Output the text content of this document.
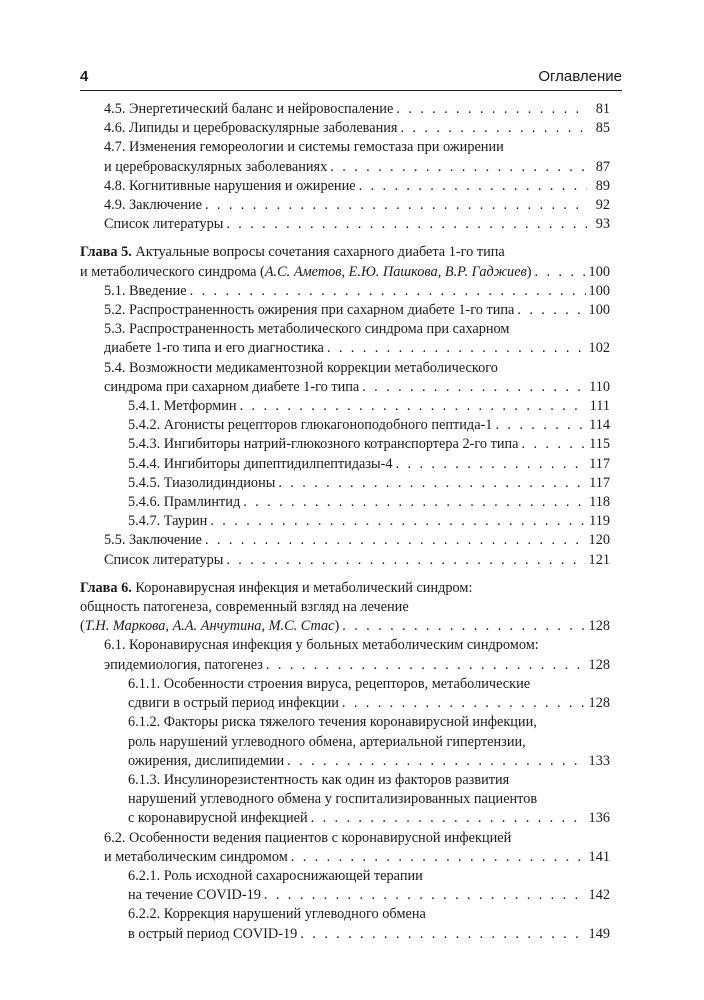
4	Оглавление
4.5. Энергетический баланс и нейровоспаление . . .	81
4.6. Липиды и цереброваскулярные заболевания . . .	85
4.7. Изменения гемореологии и системы гемостаза при ожирении
и цереброваскулярных заболеваниях . . .	87
4.8. Когнитивные нарушения и ожирение . . .	89
4.9. Заключение . . .	92
Список литературы . . .	93
Глава 5. Актуальные вопросы сочетания сахарного диабета 1-го типа
и метаболического синдрома (А.С. Аметов, Е.Ю. Пашкова, В.Р. Гаджиев) . . .	100
5.1. Введение . . .	100
5.2. Распространенность ожирения при сахарном диабете 1-го типа . . .	100
5.3. Распространенность метаболического синдрома при сахарном
диабете 1-го типа и его диагностика . . .	102
5.4. Возможности медикаментозной коррекции метаболического
синдрома при сахарном диабете 1-го типа . . .	110
5.4.1. Метформин . . .	111
5.4.2. Агонисты рецепторов глюкагоноподобного пептида-1 . . .	114
5.4.3. Ингибиторы натрий-глюкозного котранспортера 2-го типа . . .	115
5.4.4. Ингибиторы дипептидилпептидазы-4 . . .	117
5.4.5. Тиазолидиндионы . . .	117
5.4.6. Прамлинтид . . .	118
5.4.7. Таурин . . .	119
5.5. Заключение . . .	120
Список литературы . . .	121
Глава 6. Коронавирусная инфекция и метаболический синдром:
общность патогенеза, современный взгляд на лечение
(Т.Н. Маркова, А.А. Анчутина, М.С. Стас) . . .	128
6.1. Коронавирусная инфекция у больных метаболическим синдромом:
эпидемиология, патогенез . . .	128
6.1.1. Особенности строения вируса, рецепторов, метаболические
сдвиги в острый период инфекции . . .	128
6.1.2. Факторы риска тяжелого течения коронавирусной инфекции,
роль нарушений углеводного обмена, артериальной гипертензии,
ожирения, дислипидемии . . .	133
6.1.3. Инсулинорезистентность как один из факторов развития
нарушений углеводного обмена у госпитализированных пациентов
с коронавирусной инфекцией . . .	136
6.2. Особенности ведения пациентов с коронавирусной инфекцией
и метаболическим синдромом . . .	141
6.2.1. Роль исходной сахароснижающей терапии
на течение COVID-19 . . .	142
6.2.2. Коррекция нарушений углеводного обмена
в острый период COVID-19 . . .	149
